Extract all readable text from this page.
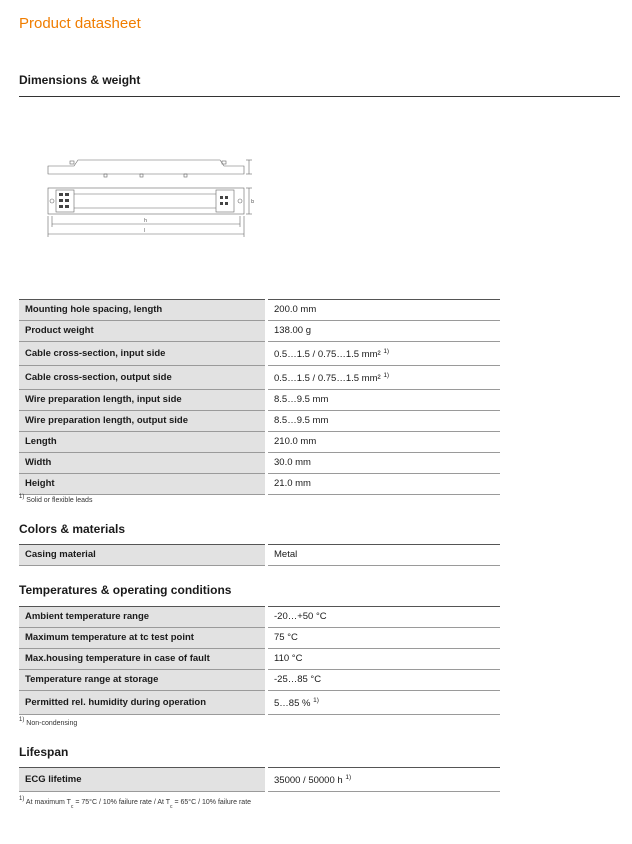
Product datasheet
Dimensions & weight
h
l
b
Mounting hole spacing, length	200.0 mm
Product weight	138.00 g
Cable cross-section, input side	0.5…1.5 / 0.75…1.5 mm² $^{1)}$
Cable cross-section, output side	0.5…1.5 / 0.75…1.5 mm² $^{1)}$
Wire preparation length, input side	8.5…9.5 mm
Wire preparation length, output side	8.5…9.5 mm
Length	210.0 mm
Width	30.0 mm
Height	21.0 mm
$^{1)}$ Solid or flexible leads
Colors & materials
Casing material	Metal
Temperatures & operating conditions
Ambient temperature range	-20…+50 °C
Maximum temperature at tc test point	75 °C
Max.housing temperature in case of fault	110 °C
Temperature range at storage	-25…85 °C
Permitted rel. humidity during operation	5…85 % $^{1)}$
$^{1)}$ Non-condensing
Lifespan
ECG lifetime	35000 / 50000 h $^{1)}$
$^{1)}$ At maximum $T_c = 75^\circ C / 10\%$ failure rate / At $T_c = 65^\circ C / 10\%$ failure rate
